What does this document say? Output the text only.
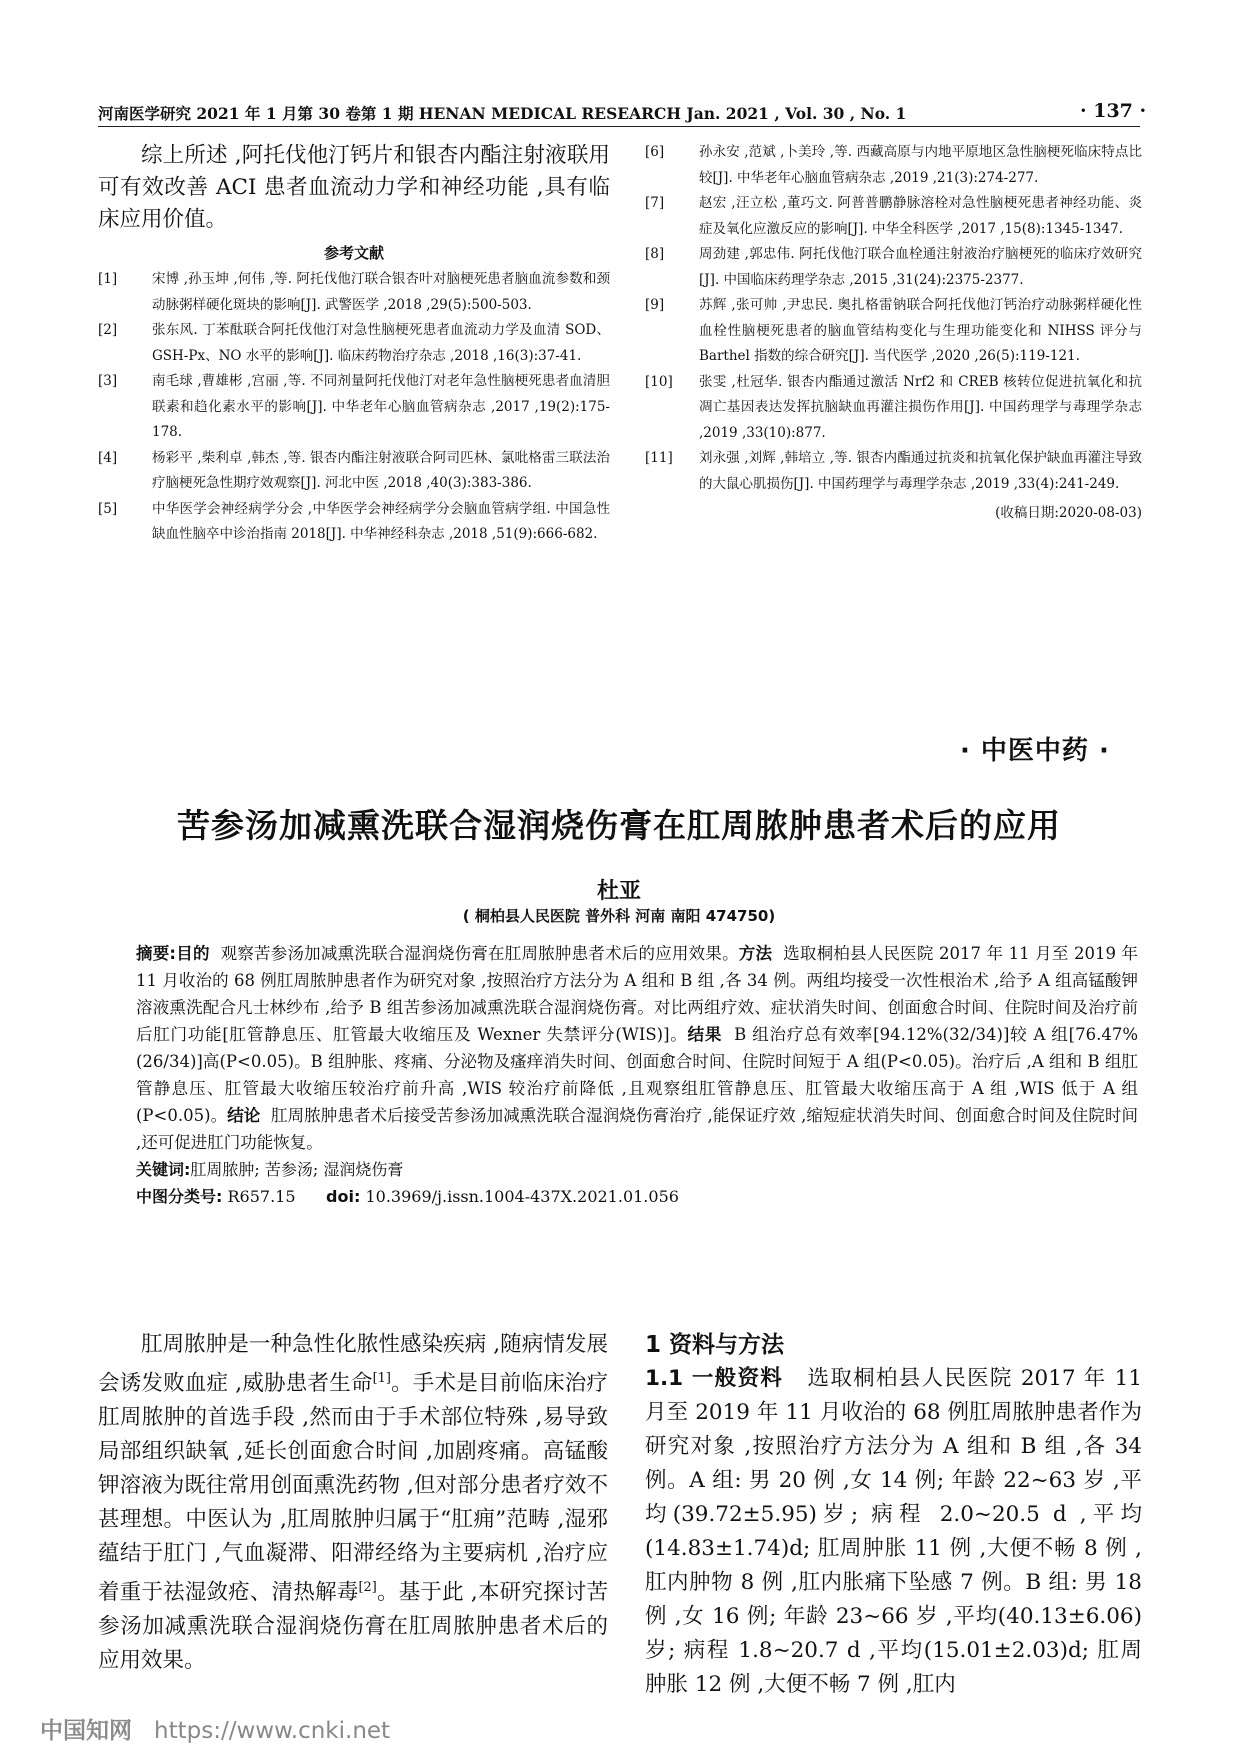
河南医学研究 2021 年 1 月第 30 卷第 1 期 HENAN MEDICAL RESEARCH Jan. 2021 , Vol. 30 , No. 1	· 137 ·

综上所述 ,阿托伐他汀钙片和银杏内酯注射液联用可有效改善 ACI 患者血流动力学和神经功能 ,具有临床应用价值。

参考文献
[1]	宋博 ,孙玉坤 ,何伟 ,等. 阿托伐他汀联合银杏叶对脑梗死患者脑血流参数和颈动脉粥样硬化斑块的影响[J]. 武警医学 ,2018 ,29(5):500-503.
[2]	张东风. 丁苯酞联合阿托伐他汀对急性脑梗死患者血流动力学及血清 SOD、GSH-Px、NO 水平的影响[J]. 临床药物治疗杂志 ,2018 ,16(3):37-41.
[3]	南毛球 ,曹雄彬 ,宫丽 ,等. 不同剂量阿托伐他汀对老年急性脑梗死患者血清胆联素和趋化素水平的影响[J]. 中华老年心脑血管病杂志 ,2017 ,19(2):175-178.
[4]	杨彩平 ,柴利卓 ,韩杰 ,等. 银杏内酯注射液联合阿司匹林、氯吡格雷三联法治疗脑梗死急性期疗效观察[J]. 河北中医 ,2018 ,40(3):383-386.
[5]	中华医学会神经病学分会 ,中华医学会神经病学分会脑血管病学组. 中国急性缺血性脑卒中诊治指南 2018[J]. 中华神经科杂志 ,2018 ,51(9):666-682.
[6]	孙永安 ,范斌 ,卜美玲 ,等. 西藏高原与内地平原地区急性脑梗死临床特点比较[J]. 中华老年心脑血管病杂志 ,2019 ,21(3):274-277.
[7]	赵宏 ,汪立松 ,董巧文. 阿普普鹏静脉溶栓对急性脑梗死患者神经功能、炎症及氧化应激反应的影响[J]. 中华全科医学 ,2017 ,15(8):1345-1347.
[8]	周劲建 ,郭忠伟. 阿托伐他汀联合血栓通注射液治疗脑梗死的临床疗效研究[J]. 中国临床药理学杂志 ,2015 ,31(24):2375-2377.
[9]	苏辉 ,张可帅 ,尹忠民. 奥扎格雷钠联合阿托伐他汀钙治疗动脉粥样硬化性血栓性脑梗死患者的脑血管结构变化与生理功能变化和 NIHSS 评分与 Barthel 指数的综合研究[J]. 当代医学 ,2020 ,26(5):119-121.
[10] 张雯 ,杜冠华. 银杏内酯通过激活 Nrf2 和 CREB 核转位促进抗氧化和抗凋亡基因表达发挥抗脑缺血再灌注损伤作用[J]. 中国药理学与毒理学杂志 ,2019 ,33(10):877.
[11] 刘永强 ,刘辉 ,韩培立 ,等. 银杏内酯通过抗炎和抗氧化保护缺血再灌注导致的大鼠心肌损伤[J]. 中国药理学与毒理学杂志 ,2019 ,33(4):241-249.
(收稿日期:2020-08-03)
· 中医中药 ·
苦参汤加减熏洗联合湿润烧伤膏在肛周脓肿患者术后的应用
杜亚
( 桐柏县人民医院 普外科 河南 南阳 474750)
摘要:目的 观察苦参汤加减熏洗联合湿润烧伤膏在肛周脓肿患者术后的应用效果。方法 选取桐柏县人民医院 2017 年 11 月至 2019 年 11 月收治的 68 例肛周脓肿患者作为研究对象 ,按照治疗方法分为 A 组和 B 组 ,各 34 例。两组均接受一次性根治术 ,给予 A 组高锰酸钾溶液熏洗配合凡士林纱布 ,给予 B 组苦参汤加减熏洗联合湿润烧伤膏。对比两组疗效、症状消失时间、创面愈合时间、住院时间及治疗前后肛门功能[肛管静息压、肛管最大收缩压及 Wexner 失禁评分(WIS)]。结果 B 组治疗总有效率[94.12%(32/34)]较 A 组[76.47%(26/34)]高(P<0.05)。B 组肿胀、疼痛、分泌物及瘙痒消失时间、创面愈合时间、住院时间短于 A 组(P<0.05)。治疗后 ,A 组和 B 组肛管静息压、肛管最大收缩压较治疗前升高 ,WIS 较治疗前降低 ,且观察组肛管静息压、肛管最大收缩压高于 A 组 ,WIS 低于 A 组(P<0.05)。结论 肛周脓肿患者术后接受苦参汤加减熏洗联合湿润烧伤膏治疗 ,能保证疗效 ,缩短症状消失时间、创面愈合时间及住院时间 ,还可促进肛门功能恢复。
关键词:肛周脓肿; 苦参汤; 湿润烧伤膏
中图分类号: R657.15 doi: 10.3969/j.issn.1004-437X.2021.01.056

肛周脓肿是一种急性化脓性感染疾病 ,随病情发展会诱发败血症 ,威胁患者生命[1]。手术是目前临床治疗肛周脓肿的首选手段 ,然而由于手术部位特殊 ,易导致局部组织缺氧 ,延长创面愈合时间 ,加剧疼痛。高锰酸钾溶液为既往常用创面熏洗药物 ,但对部分患者疗效不甚理想。中医认为 ,肛周脓肿归属于“肛痈”范畴 ,湿邪蕴结于肛门 ,气血凝滞、阳滞经络为主要病机 ,治疗应着重于祛湿敛疮、清热解毒[2]。基于此 ,本研究探讨苦参汤加减熏洗联合湿润烧伤膏在肛周脓肿患者术后的应用效果。

1 资料与方法

1.1 一般资料 选取桐柏县人民医院 2017 年 11 月至 2019 年 11 月收治的 68 例肛周脓肿患者作为研究对象 ,按照治疗方法分为 A 组和 B 组 ,各 34 例。A 组: 男 20 例 ,女 14 例; 年龄 22~63 岁 ,平均(39.72±5.95)岁; 病程 2.0~20.5 d ,平均(14.83±1.74)d; 肛周肿胀 11 例 ,大便不畅 8 例 ,肛内肿物 8 例 ,肛内胀痛下坠感 7 例。B 组: 男 18 例 ,女 16 例; 年龄 23~66 岁 ,平均(40.13±6.06)岁; 病程 1.8~20.7 d ,平均(15.01±2.03)d; 肛周肿胀 12 例 ,大便不畅 7 例 ,肛内

中国知网 https://www.cnki.net
